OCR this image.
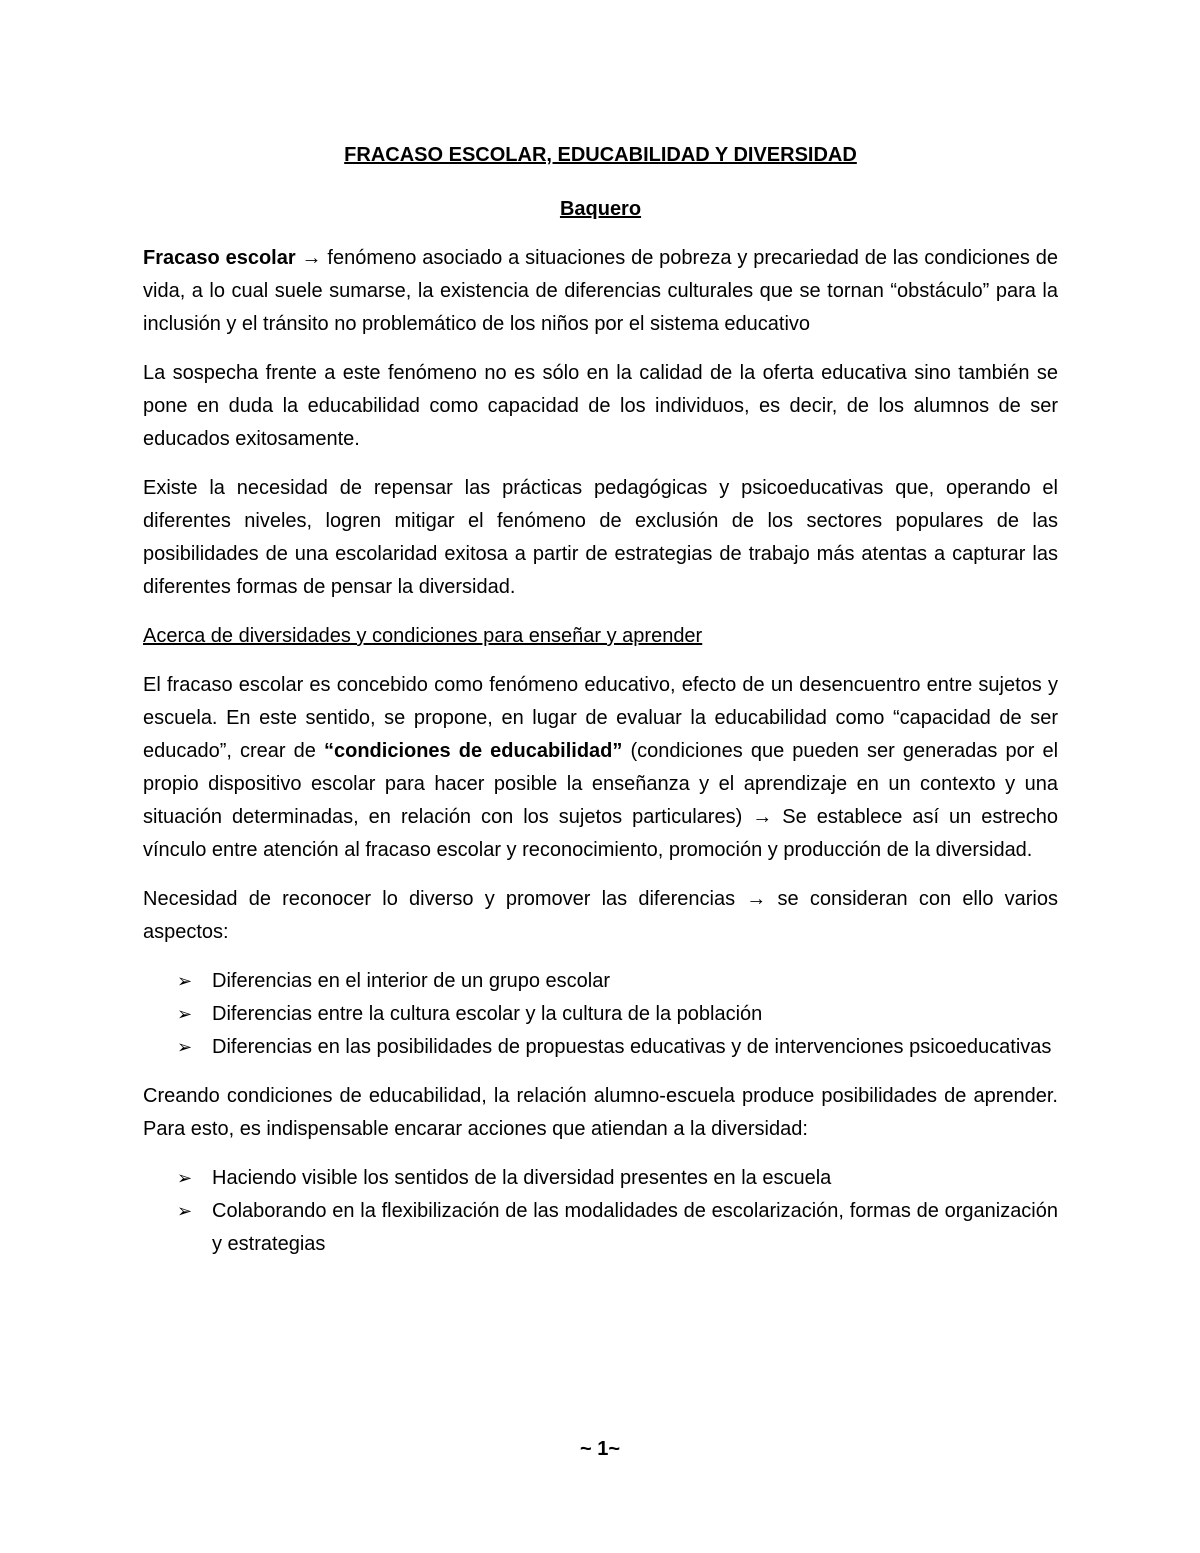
FRACASO ESCOLAR, EDUCABILIDAD Y DIVERSIDAD
Baquero

Fracaso escolar → fenómeno asociado a situaciones de pobreza y precariedad de las condiciones de vida, a lo cual suele sumarse, la existencia de diferencias culturales que se tornan “obstáculo” para la inclusión y el tránsito no problemático de los niños por el sistema educativo

La sospecha frente a este fenómeno no es sólo en la calidad de la oferta educativa sino también se pone en duda la educabilidad como capacidad de los individuos, es decir, de los alumnos de ser educados exitosamente.

Existe la necesidad de repensar las prácticas pedagógicas y psicoeducativas que, operando el diferentes niveles, logren mitigar el fenómeno de exclusión de los sectores populares de las posibilidades de una escolaridad exitosa a partir de estrategias de trabajo más atentas a capturar las diferentes formas de pensar la diversidad.

Acerca de diversidades y condiciones para enseñar y aprender

El fracaso escolar es concebido como fenómeno educativo, efecto de un desencuentro entre sujetos y escuela. En este sentido, se propone, en lugar de evaluar la educabilidad como “capacidad de ser educado”, crear de “condiciones de educabilidad” (condiciones que pueden ser generadas por el propio dispositivo escolar para hacer posible la enseñanza y el aprendizaje en un contexto y una situación determinadas, en relación con los sujetos particulares) → Se establece así un estrecho vínculo entre atención al fracaso escolar y reconocimiento, promoción y producción de la diversidad.

Necesidad de reconocer lo diverso y promover las diferencias → se consideran con ello varios aspectos:

➢ Diferencias en el interior de un grupo escolar
➢ Diferencias entre la cultura escolar y la cultura de la población
➢ Diferencias en las posibilidades de propuestas educativas y de intervenciones psicoeducativas

Creando condiciones de educabilidad, la relación alumno-escuela produce posibilidades de aprender. Para esto, es indispensable encarar acciones que atiendan a la diversidad:

➢ Haciendo visible los sentidos de la diversidad presentes en la escuela
➢ Colaborando en la flexibilización de las modalidades de escolarización, formas de organización y estrategias
~ 1~
